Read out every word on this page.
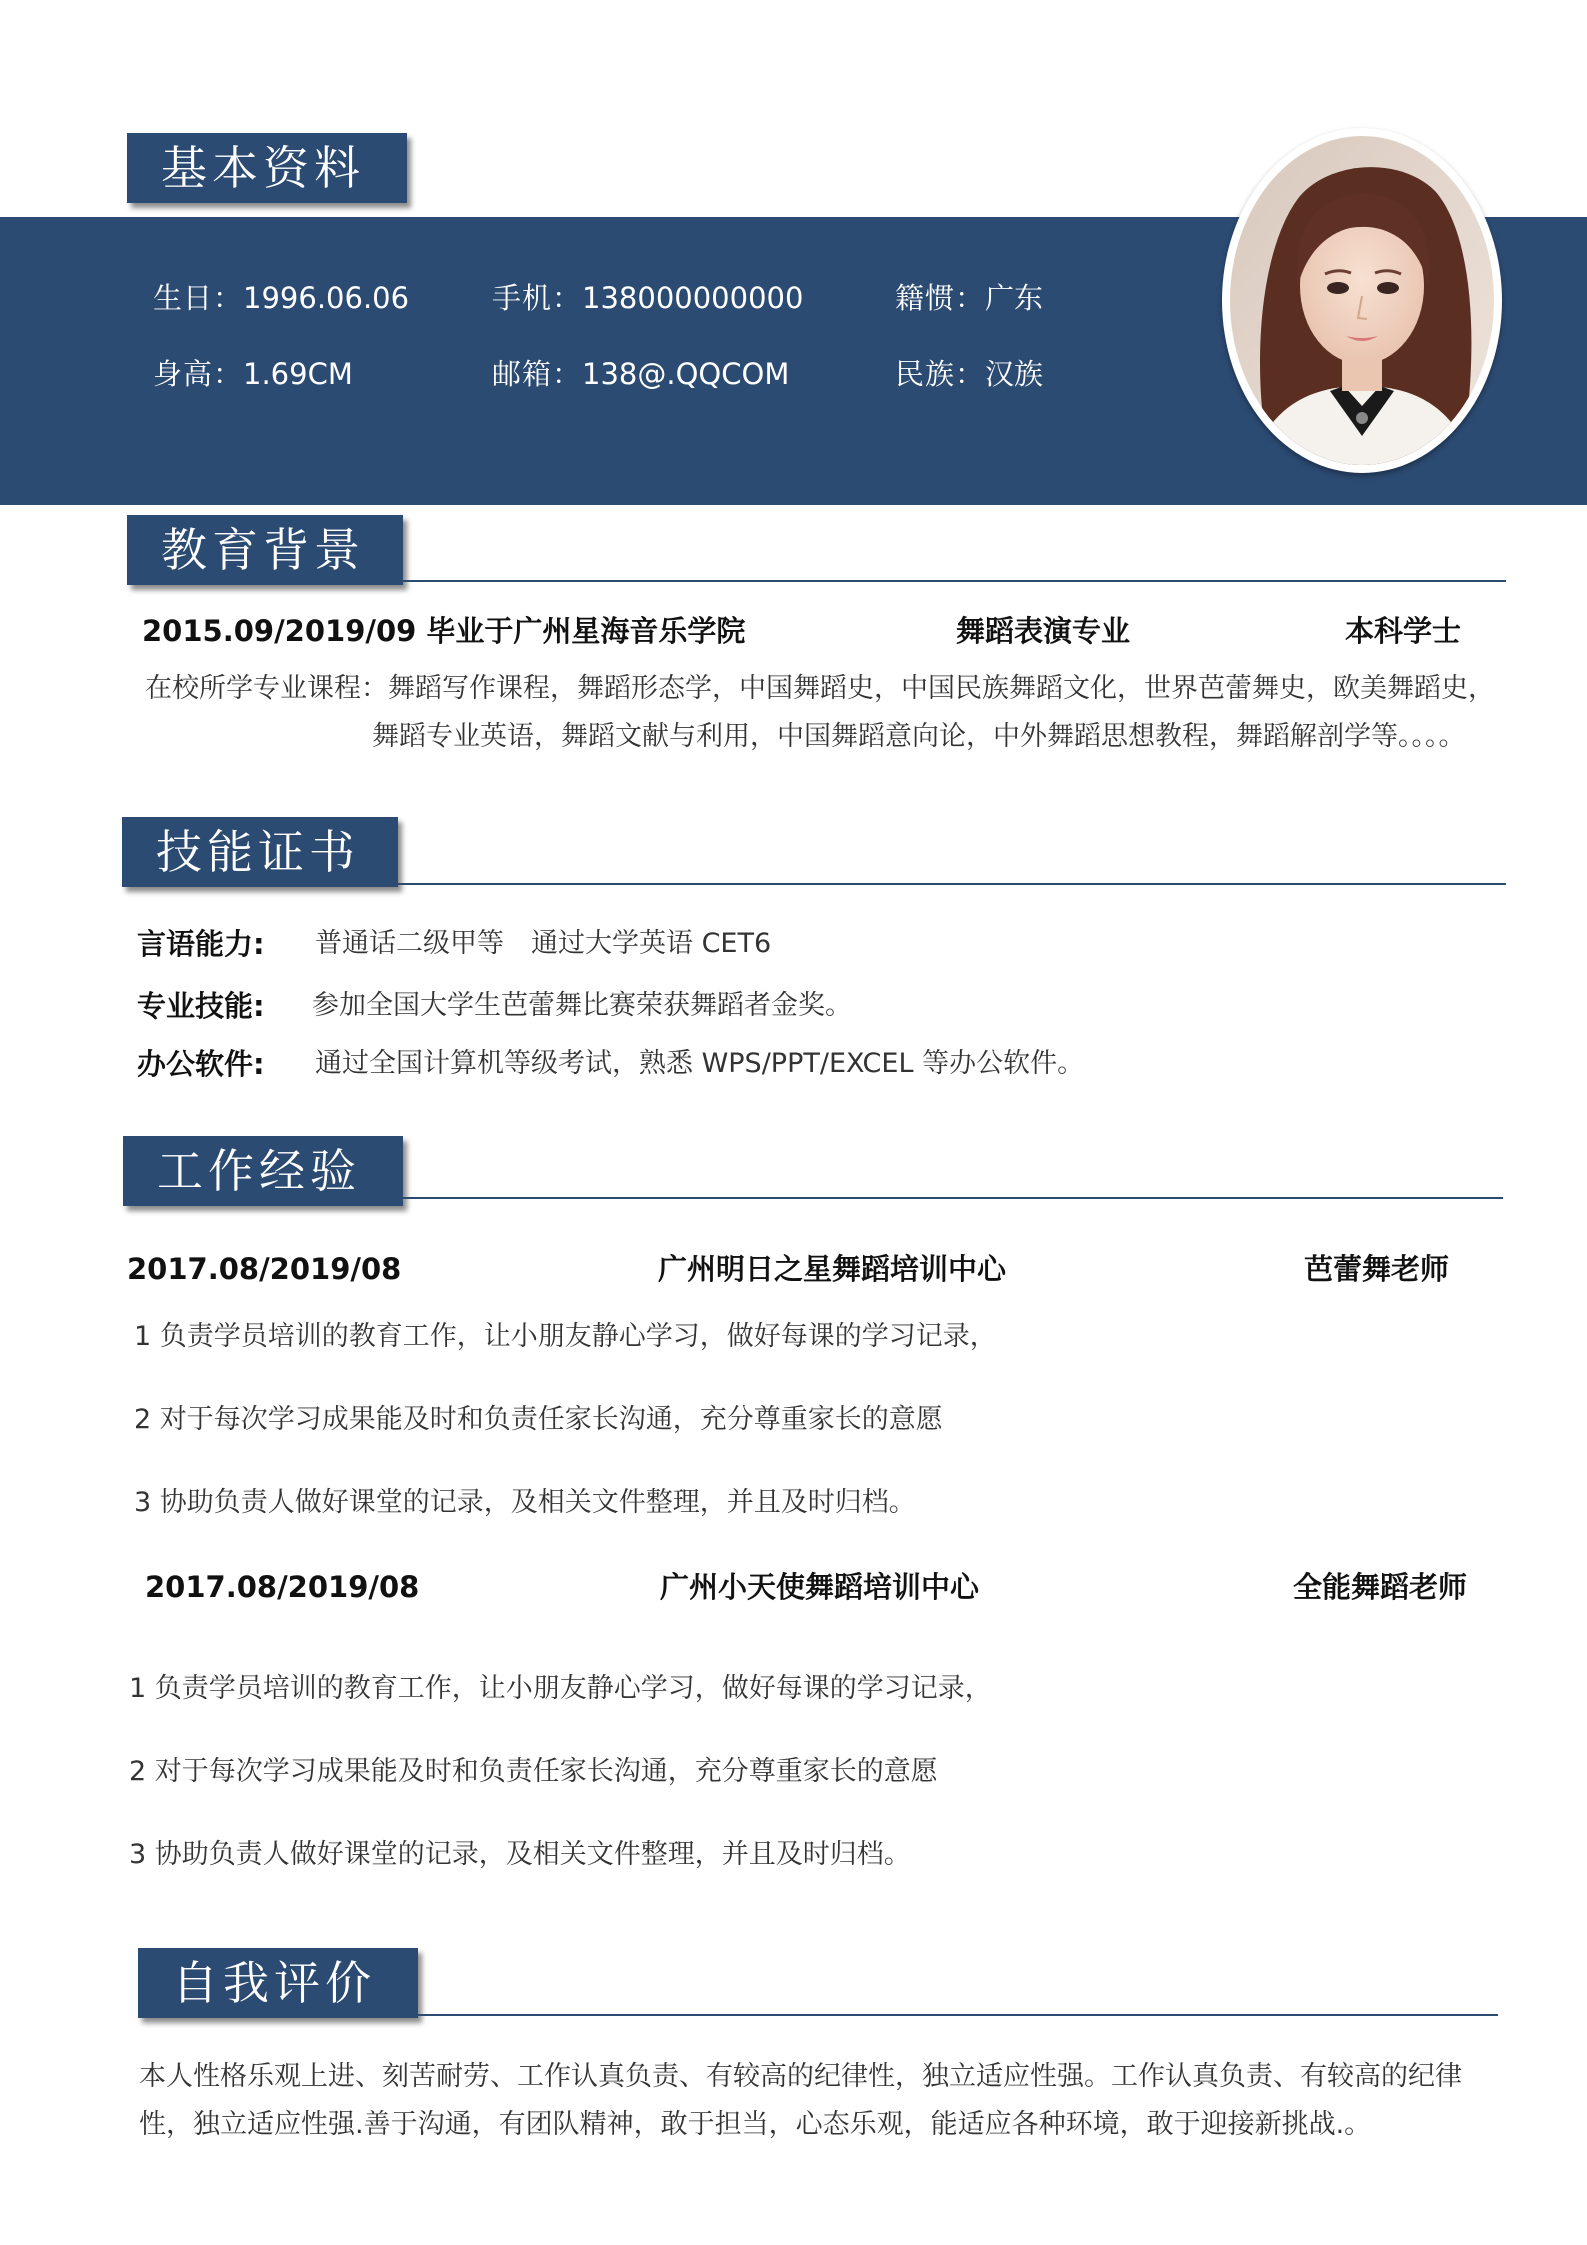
基本资料
生日：1996.06.06	手机：138000000000	籍惯：广东
身高：1.69CM	邮箱：138@.QQCOM	民族：汉族
教育背景
2015.09/2019/09 毕业于广州星海音乐学院	舞蹈表演专业	本科学士
在校所学专业课程：舞蹈写作课程，舞蹈形态学，中国舞蹈史，中国民族舞蹈文化，世界芭蕾舞史，欧美舞蹈史，
舞蹈专业英语，舞蹈文献与利用，中国舞蹈意向论，中外舞蹈思想教程，舞蹈解剖学等。。。。
技能证书
言语能力: 普通话二级甲等　通过大学英语 CET6
专业技能: 参加全国大学生芭蕾舞比赛荣获舞蹈者金奖。
办公软件: 通过全国计算机等级考试，熟悉 WPS/PPT/EXCEL 等办公软件。
工作经验
2017.08/2019/08	广州明日之星舞蹈培训中心	芭蕾舞老师
1 负责学员培训的教育工作，让小朋友静心学习，做好每课的学习记录，
2 对于每次学习成果能及时和负责任家长沟通，充分尊重家长的意愿
3 协助负责人做好课堂的记录，及相关文件整理，并且及时归档。
2017.08/2019/08	广州小天使舞蹈培训中心	全能舞蹈老师
1 负责学员培训的教育工作，让小朋友静心学习，做好每课的学习记录，
2 对于每次学习成果能及时和负责任家长沟通，充分尊重家长的意愿
3 协助负责人做好课堂的记录，及相关文件整理，并且及时归档。
自我评价
本人性格乐观上进、刻苦耐劳、工作认真负责、有较高的纪律性，独立适应性强。工作认真负责、有较高的纪律
性，独立适应性强.善于沟通，有团队精神，敢于担当，心态乐观，能适应各种环境，敢于迎接新挑战.。
